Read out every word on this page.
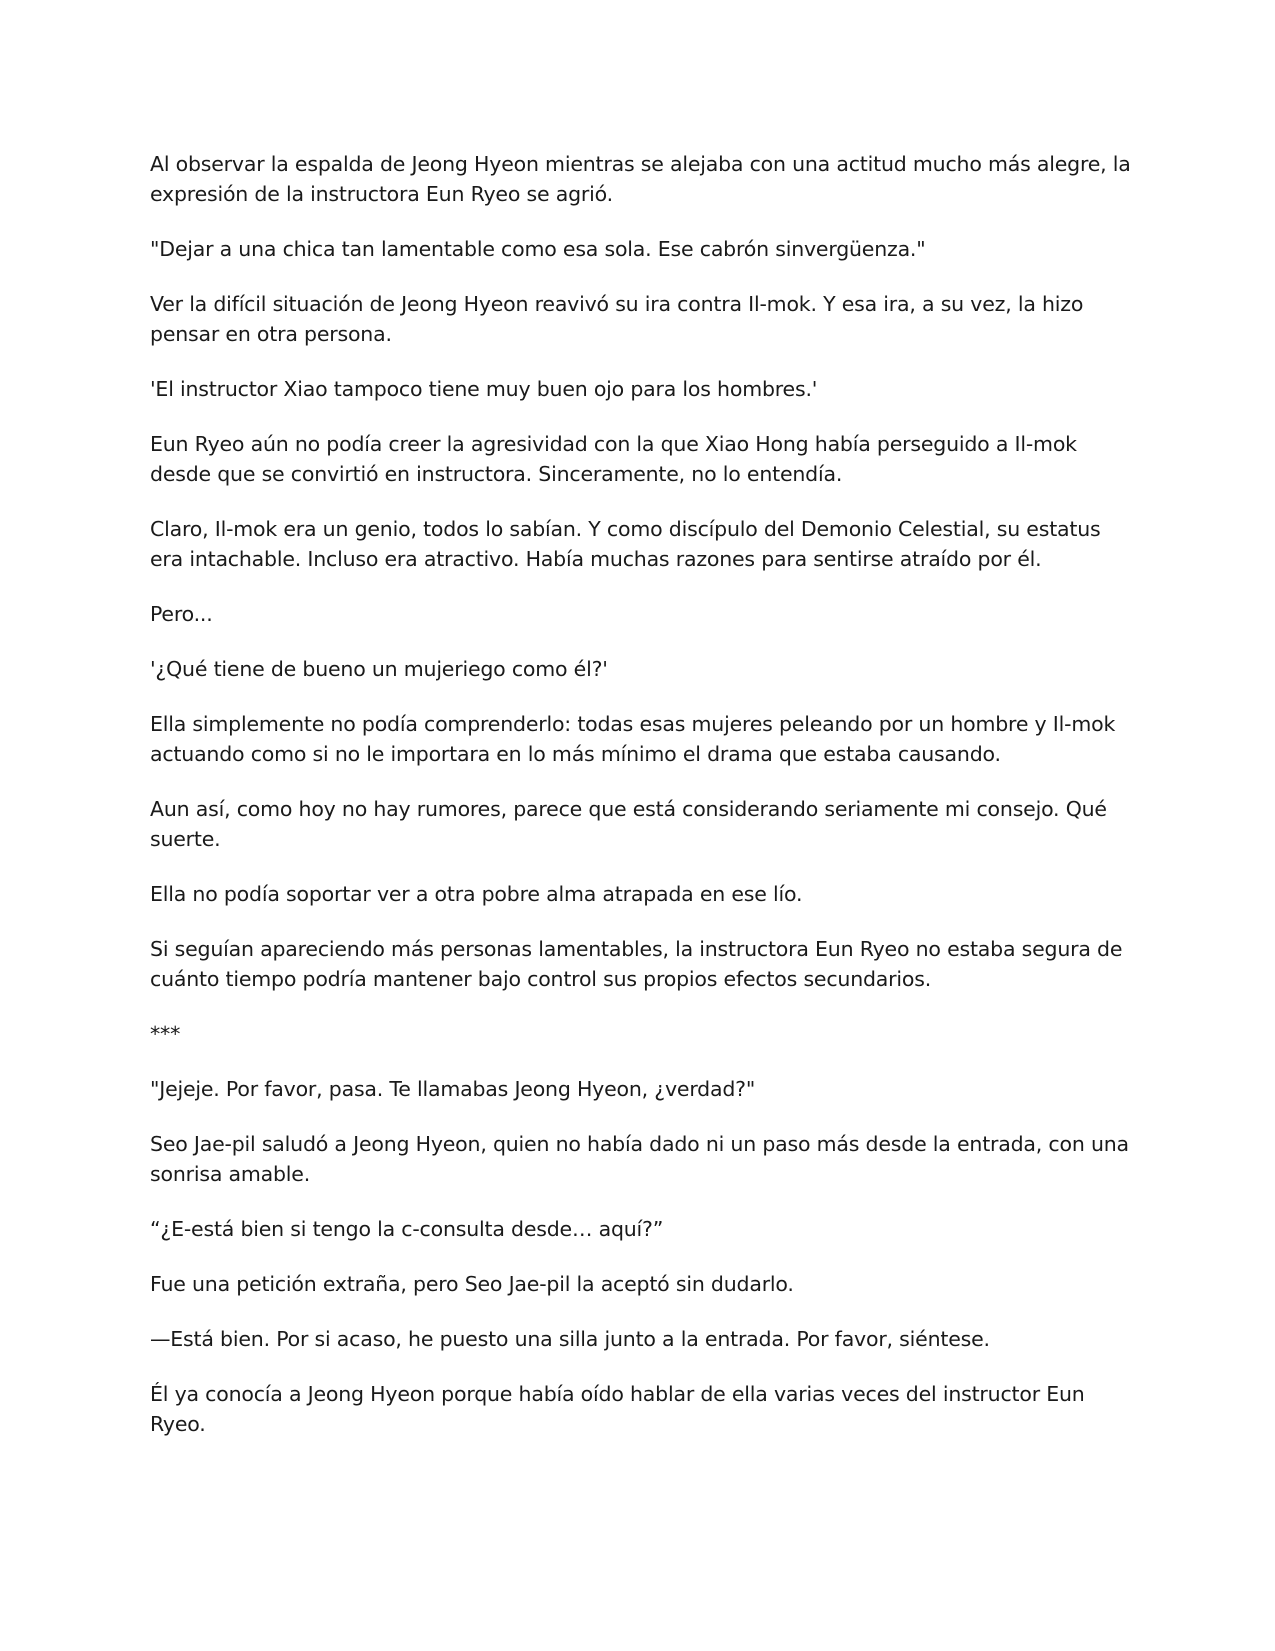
Al observar la espalda de Jeong Hyeon mientras se alejaba con una actitud mucho más alegre, la expresión de la instructora Eun Ryeo se agrió.

"Dejar a una chica tan lamentable como esa sola. Ese cabrón sinvergüenza."

Ver la difícil situación de Jeong Hyeon reavivó su ira contra Il-mok. Y esa ira, a su vez, la hizo pensar en otra persona.

'El instructor Xiao tampoco tiene muy buen ojo para los hombres.'

Eun Ryeo aún no podía creer la agresividad con la que Xiao Hong había perseguido a Il-mok desde que se convirtió en instructora. Sinceramente, no lo entendía.

Claro, Il-mok era un genio, todos lo sabían. Y como discípulo del Demonio Celestial, su estatus era intachable. Incluso era atractivo. Había muchas razones para sentirse atraído por él.

Pero...

'¿Qué tiene de bueno un mujeriego como él?'

Ella simplemente no podía comprenderlo: todas esas mujeres peleando por un hombre y Il-mok actuando como si no le importara en lo más mínimo el drama que estaba causando.

Aun así, como hoy no hay rumores, parece que está considerando seriamente mi consejo. Qué suerte.

Ella no podía soportar ver a otra pobre alma atrapada en ese lío.

Si seguían apareciendo más personas lamentables, la instructora Eun Ryeo no estaba segura de cuánto tiempo podría mantener bajo control sus propios efectos secundarios.

***

"Jejeje. Por favor, pasa. Te llamabas Jeong Hyeon, ¿verdad?"

Seo Jae-pil saludó a Jeong Hyeon, quien no había dado ni un paso más desde la entrada, con una sonrisa amable.

“¿E-está bien si tengo la c-consulta desde… aquí?”

Fue una petición extraña, pero Seo Jae-pil la aceptó sin dudarlo.

—Está bien. Por si acaso, he puesto una silla junto a la entrada. Por favor, siéntese.

Él ya conocía a Jeong Hyeon porque había oído hablar de ella varias veces del instructor Eun Ryeo.
